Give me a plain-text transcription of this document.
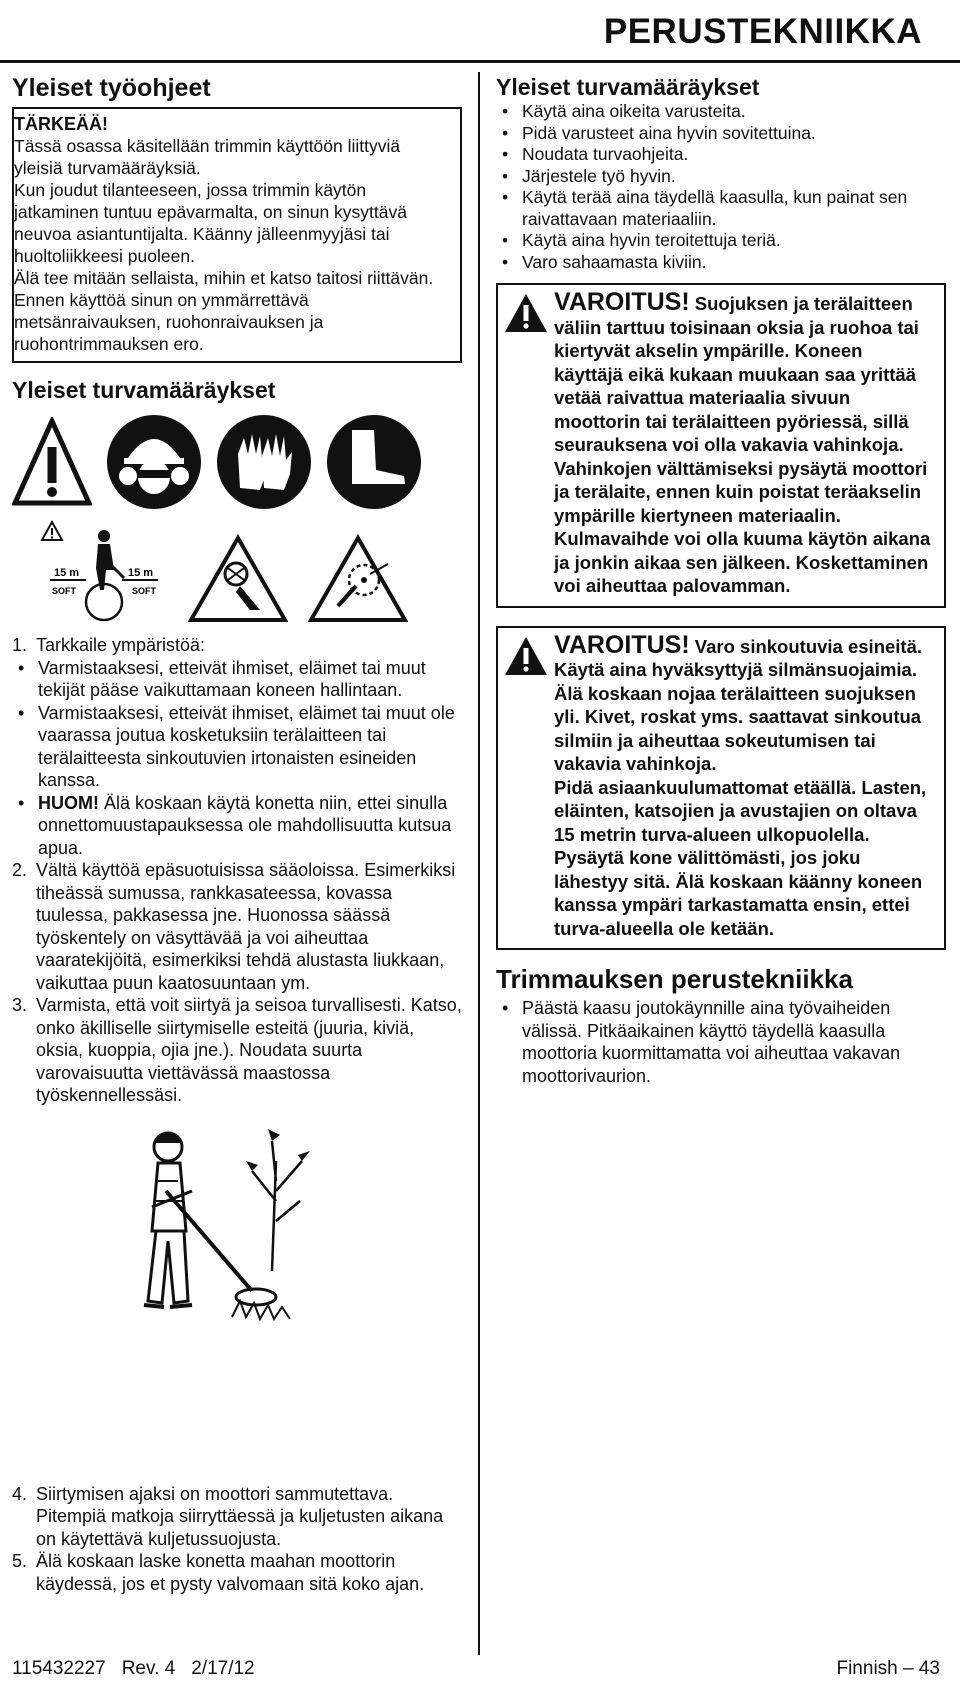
PERUSTEKNIIKKA
Yleiset työohjeet

TÄRKEÄÄ!

Tässä osassa käsitellään trimmin käyttöön liittyviä yleisiä turvamääräyksiä.

Kun joudut tilanteeseen, jossa trimmin käytön jatkaminen tuntuu epävarmalta, on sinun kysyttävä neuvoa asiantuntijalta. Käänny jälleenmyyjäsi tai huoltoliikkeesi puoleen.

Älä tee mitään sellaista, mihin et katso taitosi riittävän. Ennen käyttöä sinun on ymmärrettävä metsänraivauksen, ruohonraivauksen ja ruohontrimmauksen ero.

Yleiset turvamääräykset
15 m	15 m
SOFT	SOFT
1. Tarkkaile ympäristöä:
• Varmistaaksesi, etteivät ihmiset, eläimet tai muut tekijät pääse vaikuttamaan koneen hallintaan.
• Varmistaaksesi, etteivät ihmiset, eläimet tai muut ole vaarassa joutua kosketuksiin terälaitteen tai terälaitteesta sinkoutuvien irtonaisten esineiden kanssa.
• HUOM! Älä koskaan käytä konetta niin, ettei sinulla onnettomuustapauksessa ole mahdollisuutta kutsua apua.
2. Vältä käyttöä epäsuotuisissa sääoloissa. Esimerkiksi tiheässä sumussa, rankkasateessa, kovassa tuulessa, pakkasessa jne. Huonossa säässä työskentely on väsyttävää ja voi aiheuttaa vaaratekijöitä, esimerkiksi tehdä alustasta liukkaan, vaikuttaa puun kaatosuuntaan ym.
3. Varmista, että voit siirtyä ja seisoa turvallisesti. Katso, onko äkilliselle siirtymiselle esteitä (juuria, kiviä, oksia, kuoppia, ojia jne.). Noudata suurta varovaisuutta viettävässä maastossa työskennellessäsi.
4. Siirtymisen ajaksi on moottori sammutettava. Pitempiä matkoja siirryttäessä ja kuljetusten aikana on käytettävä kuljetussuojusta.
5. Älä koskaan laske konetta maahan moottorin käydessä, jos et pysty valvomaan sitä koko ajan.
Yleiset turvamääräykset
• Käytä aina oikeita varusteita.
• Pidä varusteet aina hyvin sovitettuina.
• Noudata turvaohjeita.
• Järjestele työ hyvin.
• Käytä terää aina täydellä kaasulla, kun painat sen raivattavaan materiaaliin.
• Käytä aina hyvin teroitettuja teriä.
• Varo sahaamasta kiviin.
VAROITUS! Suojuksen ja terälaitteen väliin tarttuu toisinaan oksia ja ruohoa tai kiertyvät akselin ympärille. Koneen käyttäjä eikä kukaan muukaan saa yrittää vetää raivattua materiaalia sivuun moottorin tai terälaitteen pyöriessä, sillä seurauksena voi olla vakavia vahinkoja. Vahinkojen välttämiseksi pysäytä moottori ja terälaite, ennen kuin poistat teräakselin ympärille kiertyneen materiaalin. Kulmavaihde voi olla kuuma käytön aikana ja jonkin aikaa sen jälkeen. Koskettaminen voi aiheuttaa palovamman.
VAROITUS! Varo sinkoutuvia esineitä. Käytä aina hyväksyttyjä silmänsuojaimia. Älä koskaan nojaa terälaitteen suojuksen yli. Kivet, roskat yms. saattavat sinkoutua silmiin ja aiheuttaa sokeutumisen tai vakavia vahinkoja.
Pidä asiaankuulumattomat etäällä. Lasten, eläinten, katsojien ja avustajien on oltava 15 metrin turva-alueen ulkopuolella. Pysäytä kone välittömästi, jos joku lähestyy sitä. Älä koskaan käänny koneen kanssa ympäri tarkastamatta ensin, ettei turva-alueella ole ketään.
Trimmauksen perustekniikka
• Päästä kaasu joutokäynnille aina työvaiheiden välissä. Pitkäaikainen käyttö täydellä kaasulla moottoria kuormittamatta voi aiheuttaa vakavan moottorivaurion.
115432227 Rev. 4 2/17/12	Finnish – 43
